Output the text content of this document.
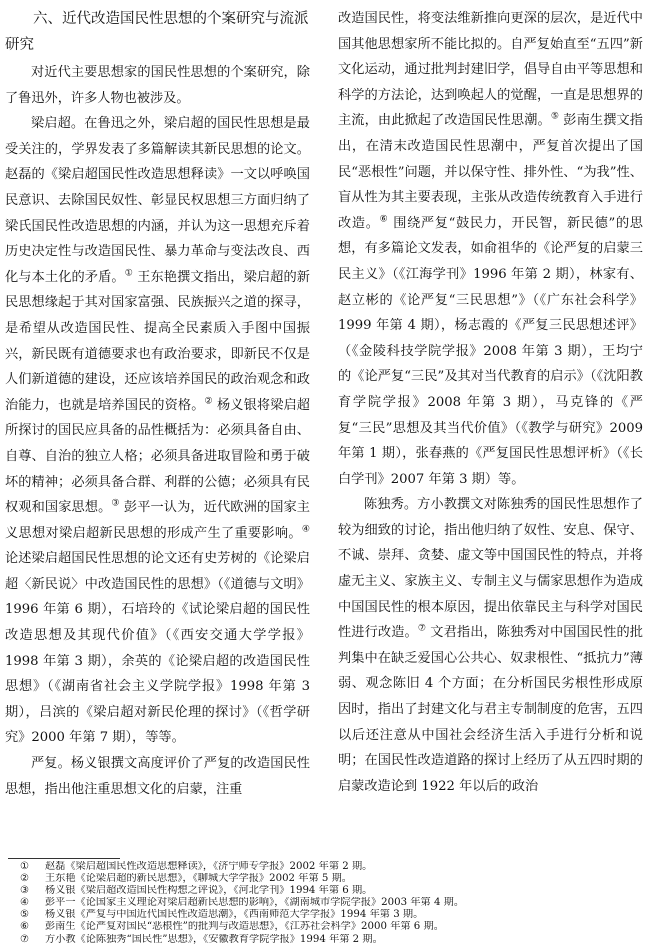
六、近代改造国民性思想的个案研究与流派研究

对近代主要思想家的国民性思想的个案研究，除了鲁迅外，许多人物也被涉及。

梁启超。在鲁迅之外，梁启超的国民性思想是最受关注的，学界发表了多篇解读其新民思想的论文。赵磊的《梁启超国民性改造思想释读》一文以呼唤国民意识、去除国民奴性、彰显民权思想三方面归纳了梁氏国民性改造思想的内涵，并认为这一思想充斥着历史决定性与改造国民性、暴力革命与变法改良、西化与本土化的矛盾。① 王东艳撰文指出，梁启超的新民思想缘起于其对国家富强、民族振兴之道的探寻，是希望从改造国民性、提高全民素质入手图中国振兴，新民既有道德要求也有政治要求，即新民不仅是人们新道德的建设，还应该培养国民的政治观念和政治能力，也就是培养国民的资格。② 杨义银将梁启超所探讨的国民应具备的品性概括为：必须具备自由、自尊、自治的独立人格；必须具备进取冒险和勇于破坏的精神；必须具备合群、利群的公德；必须具有民权观和国家思想。③ 彭平一认为，近代欧洲的国家主义思想对梁启超新民思想的形成产生了重要影响。④ 论述梁启超国民性思想的论文还有史芳树的《论梁启超〈新民说〉中改造国民性的思想》（《道德与文明》1996 年第 6 期），石培玲的《试论梁启超的国民性改造思想及其现代价值》（《西安交通大学学报》1998 年第 3 期），余英的《论梁启超的改造国民性思想》（《湖南省社会主义学院学报》1998 年第 3 期），吕滨的《梁启超对新民伦理的探讨》（《哲学研究》2000 年第 7 期），等等。

严复。杨义银撰文高度评价了严复的改造国民性思想，指出他注重思想文化的启蒙，注重

改造国民性，将变法维新推向更深的层次，是近代中国其他思想家所不能比拟的。自严复始直至“五四”新文化运动，通过批判封建旧学，倡导自由平等思想和科学的方法论，达到唤起人的觉醒，一直是思想界的主流，由此掀起了改造国民性思潮。⑤ 彭南生撰文指出，在清末改造国民性思潮中，严复首次提出了国民“恶根性”问题，并以保守性、排外性、“为我”性、盲从性为其主要表现，主张从改造传统教育入手进行改造。⑥ 围绕严复“鼓民力，开民智，新民德”的思想，有多篇论文发表，如俞祖华的《论严复的启蒙三民主义》（《江海学刊》1996 年第 2 期），林家有、赵立彬的《论严复“三民思想”》（《广东社会科学》1999 年第 4 期），杨志霞的《严复三民思想述评》（《金陵科技学院学报》2008 年第 3 期），王均宁的《论严复“三民”及其对当代教育的启示》（《沈阳教育学院学报》2008 年第 3 期），马克锋的《严复“三民”思想及其当代价值》（《教学与研究》2009 年第 1 期），张春燕的《严复国民性思想评析》（《长白学刊》2007 年第 3 期）等。

陈独秀。方小教撰文对陈独秀的国民性思想作了较为细致的讨论，指出他归纳了奴性、安息、保守、不诚、崇拜、贪婪、虚文等中国国民性的特点，并将虚无主义、家族主义、专制主义与儒家思想作为造成中国国民性的根本原因，提出依靠民主与科学对国民性进行改造。⑦ 文君指出，陈独秀对中国国民性的批判集中在缺乏爱国心公共心、奴隶根性、“抵抗力”薄弱、观念陈旧 4 个方面；在分析国民劣根性形成原因时，指出了封建文化与君主专制制度的危害，五四以后还注意从中国社会经济生活入手进行分析和说明；在国民性改造道路的探讨上经历了从五四时期的启蒙改造论到 1922 年以后的政治

①	赵磊《梁启超国民性改造思想释读》，《济宁师专学报》2002 年第 2 期。
②	王东艳《论梁启超的新民思想》，《聊城大学学报》2002 年第 5 期。
③	杨义银《梁启超改造国民性构想之评说》，《河北学刊》1994 年第 6 期。
④	彭平一《论国家主义理论对梁启超新民思想的影响》，《湖南城市学院学报》2003 年第 4 期。
⑤	杨义银《严复与中国近代国民性改造思潮》，《西南师范大学学报》1994 年第 3 期。
⑥	彭南生《论严复对国民“恶根性”的批判与改造思想》，《江苏社会科学》2000 年第 6 期。
⑦	方小教《论陈独秀“国民性”思想》，《安徽教育学院学报》1994 年第 2 期。
